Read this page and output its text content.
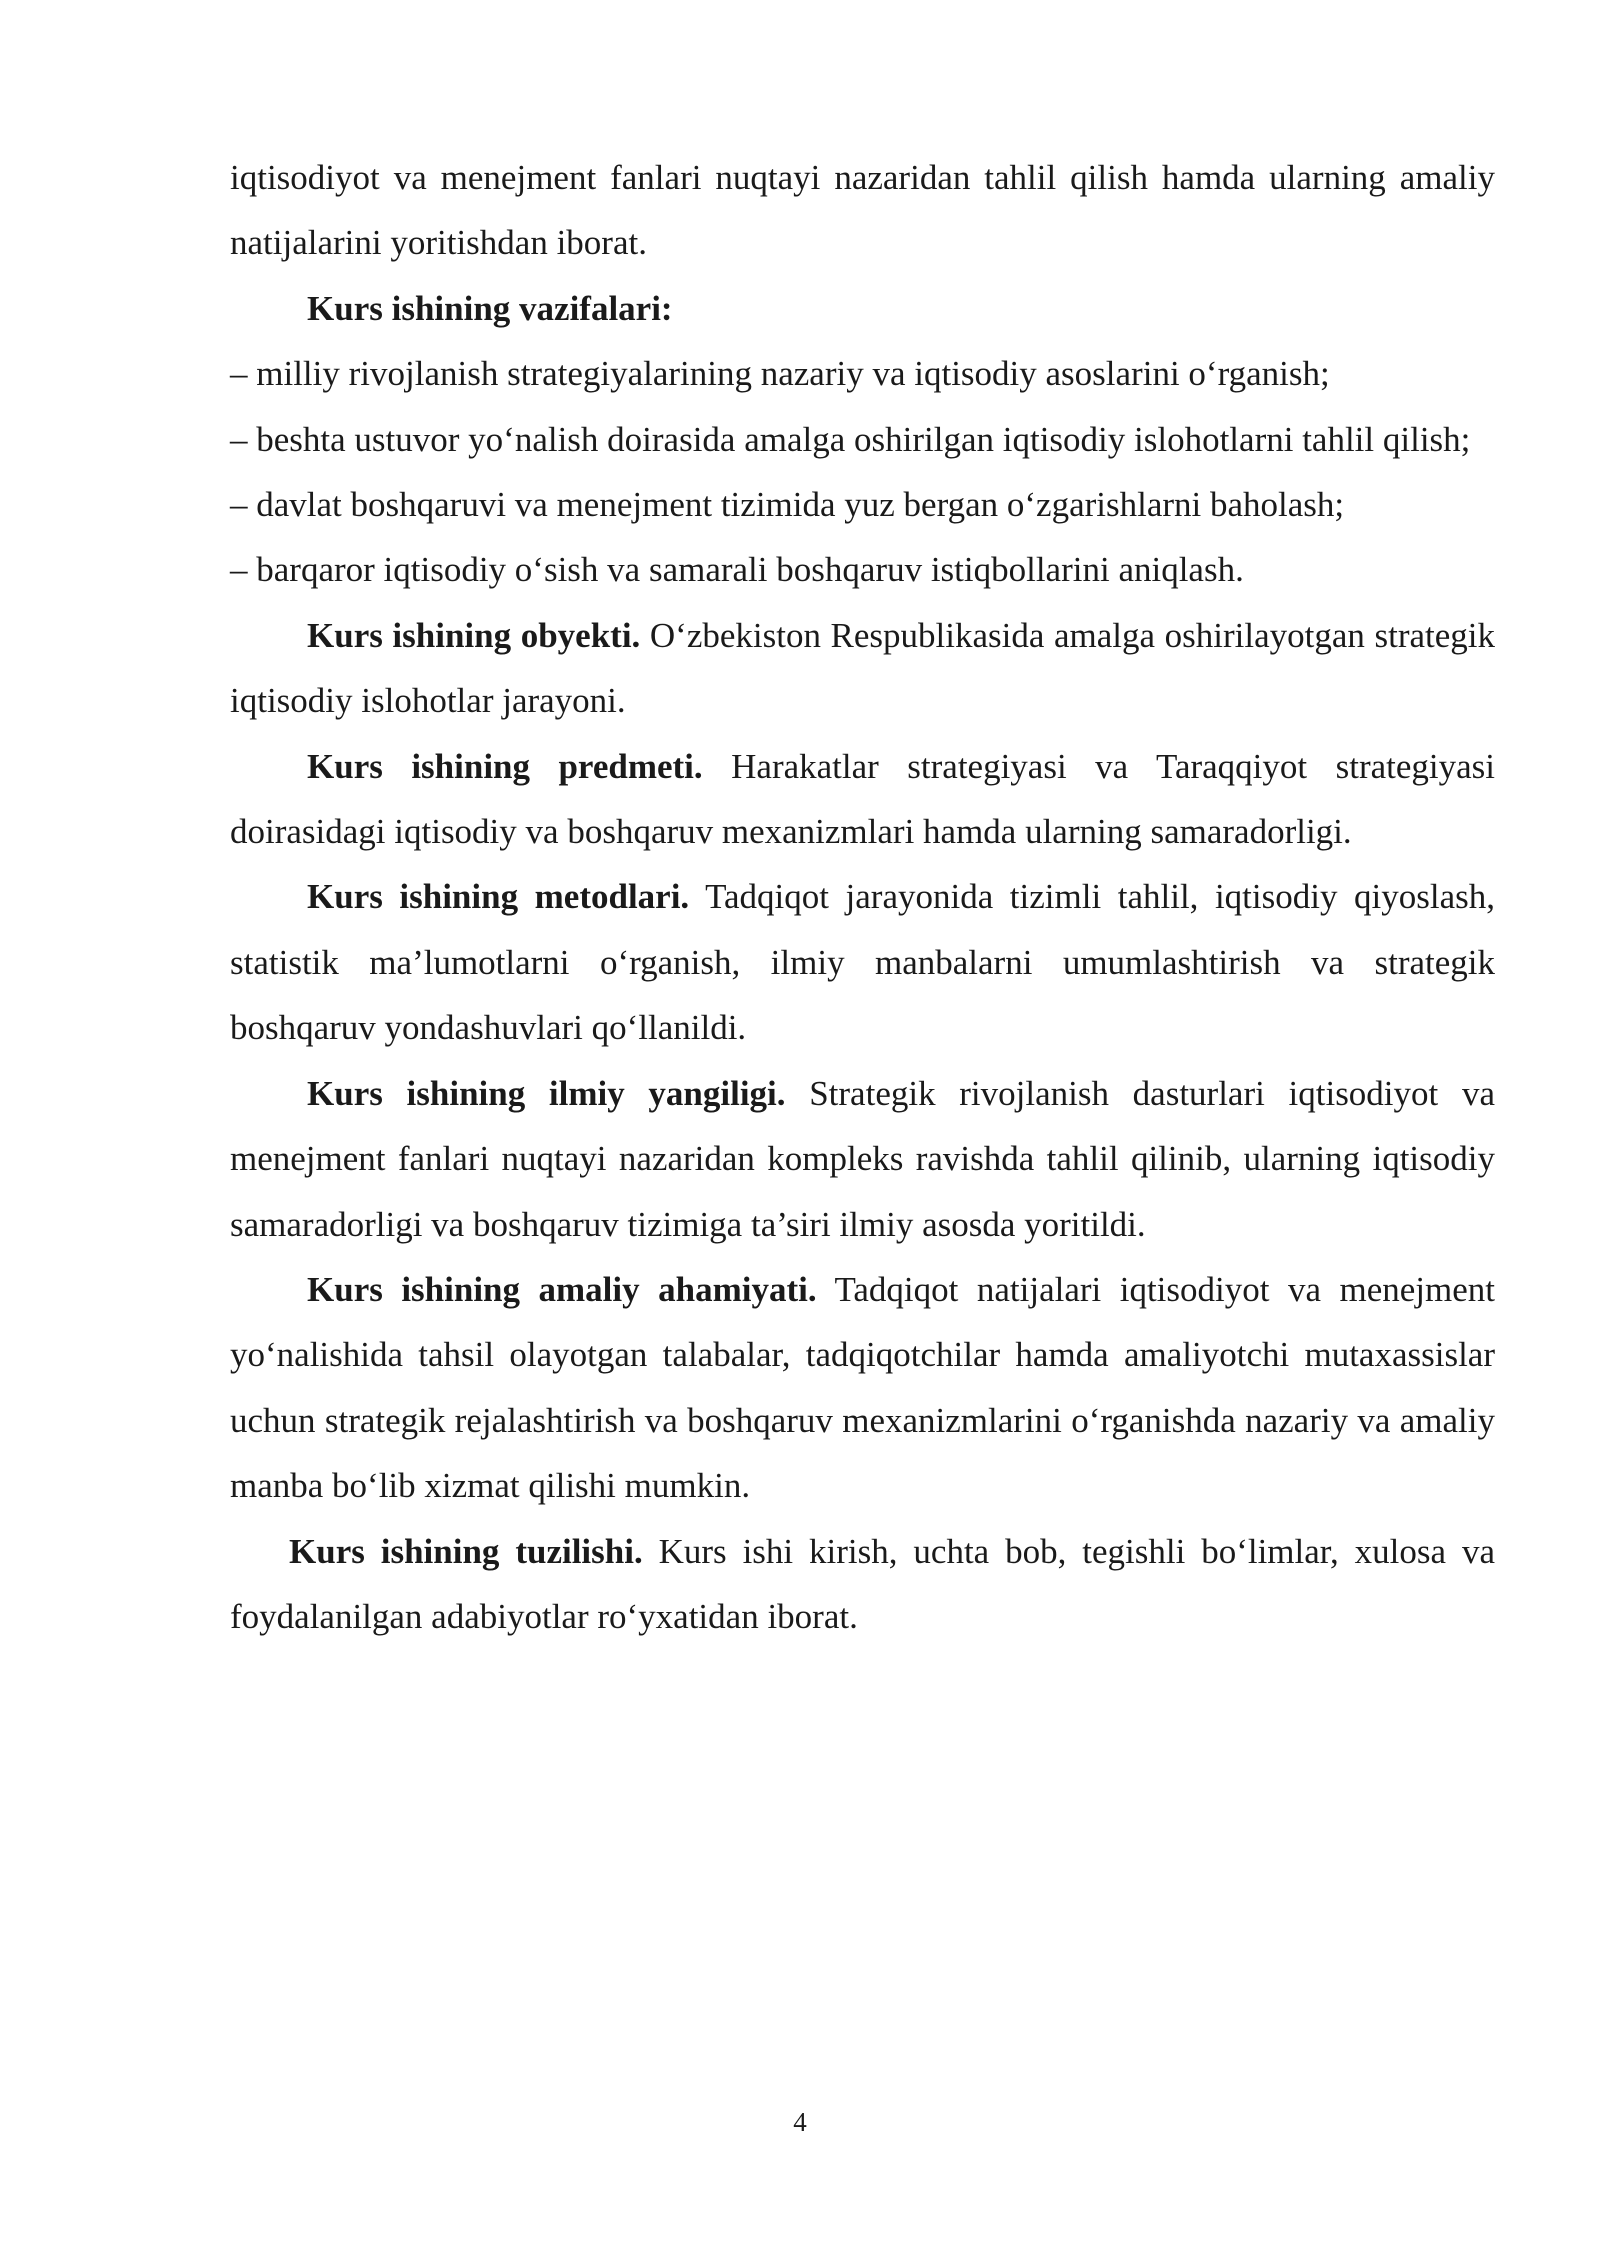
iqtisodiyot va menejment fanlari nuqtayi nazaridan tahlil qilish hamda ularning amaliy natijalarini yoritishdan iborat.

Kurs ishining vazifalari:

– milliy rivojlanish strategiyalarining nazariy va iqtisodiy asoslarini o‘rganish;

– beshta ustuvor yo‘nalish doirasida amalga oshirilgan iqtisodiy islohotlarni tahlil qilish;

– davlat boshqaruvi va menejment tizimida yuz bergan o‘zgarishlarni baholash;

– barqaror iqtisodiy o‘sish va samarali boshqaruv istiqbollarini aniqlash.

Kurs ishining obyekti. O‘zbekiston Respublikasida amalga oshirilayotgan strategik iqtisodiy islohotlar jarayoni.

Kurs ishining predmeti. Harakatlar strategiyasi va Taraqqiyot strategiyasi doirasidagi iqtisodiy va boshqaruv mexanizmlari hamda ularning samaradorligi.

Kurs ishining metodlari. Tadqiqot jarayonida tizimli tahlil, iqtisodiy qiyoslash, statistik ma’lumotlarni o‘rganish, ilmiy manbalarni umumlashtirish va strategik boshqaruv yondashuvlari qo‘llanildi.

Kurs ishining ilmiy yangiligi. Strategik rivojlanish dasturlari iqtisodiyot va menejment fanlari nuqtayi nazaridan kompleks ravishda tahlil qilinib, ularning iqtisodiy samaradorligi va boshqaruv tizimiga ta’siri ilmiy asosda yoritildi.

Kurs ishining amaliy ahamiyati. Tadqiqot natijalari iqtisodiyot va menejment yo‘nalishida tahsil olayotgan talabalar, tadqiqotchilar hamda amaliyotchi mutaxassislar uchun strategik rejalashtirish va boshqaruv mexanizmlarini o‘rganishda nazariy va amaliy manba bo‘lib xizmat qilishi mumkin.

Kurs ishining tuzilishi. Kurs ishi kirish, uchta bob, tegishli bo‘limlar, xulosa va foydalanilgan adabiyotlar ro‘yxatidan iborat.

4
